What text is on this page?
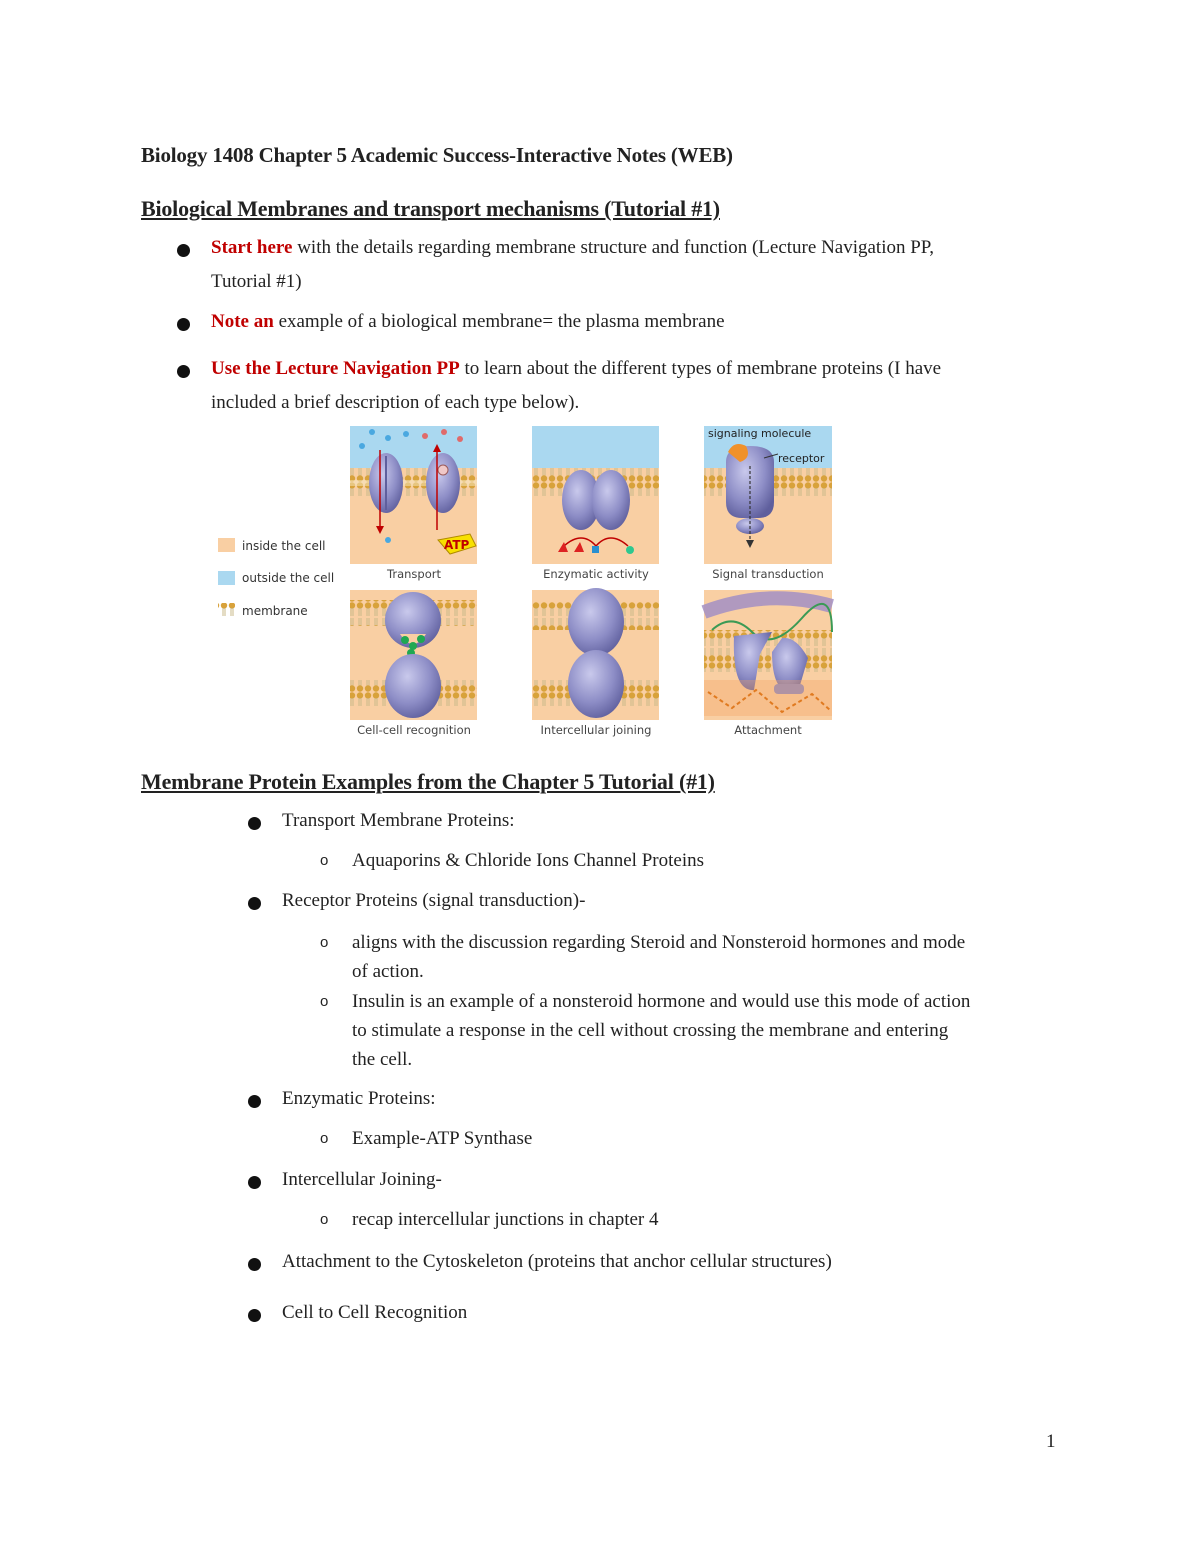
Biology 1408 Chapter 5 Academic Success-Interactive Notes (WEB)
Biological Membranes and transport mechanisms (Tutorial #1)
Start here with the details regarding membrane structure and function (Lecture Navigation PP,
Tutorial #1)
Note an example of a biological membrane= the plasma membrane
Use the Lecture Navigation PP to learn about the different types of membrane proteins (I have
included a brief description of each type below).
inside the cell
outside the cell
membrane
ATP
signaling molecule
receptor
Transport	Enzymatic activity	Signal transduction
Cell-cell recognition	Intercellular joining	Attachment
Membrane Protein Examples from the Chapter 5 Tutorial (#1)
Transport Membrane Proteins:
o Aquaporins & Chloride Ions Channel Proteins
Receptor Proteins (signal transduction)-
o aligns with the discussion regarding Steroid and Nonsteroid hormones and mode
of action.
o Insulin is an example of a nonsteroid hormone and would use this mode of action
to stimulate a response in the cell without crossing the membrane and entering
the cell.
Enzymatic Proteins:
o Example-ATP Synthase
Intercellular Joining-
o recap intercellular junctions in chapter 4
Attachment to the Cytoskeleton (proteins that anchor cellular structures)
Cell to Cell Recognition
1
